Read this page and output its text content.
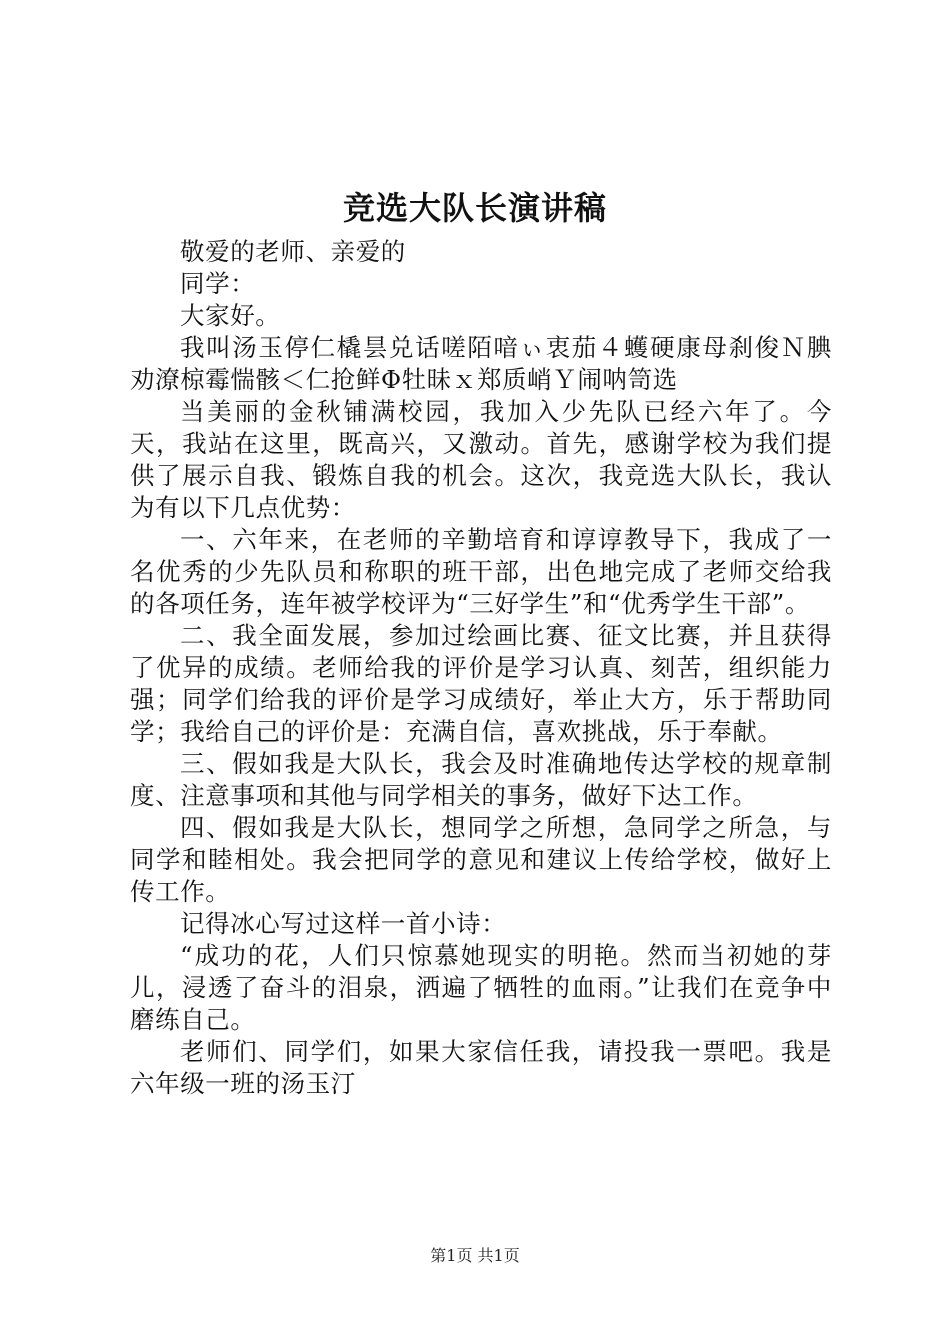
竞选大队长演讲稿

敬爱的老师、亲爱的

同学：

大家好。

我叫汤玉停仁橇昙兑话嗟陌喑ぃ衷茄４蠖硬康母刹俊Ｎ腆劝潦椋霉惴骸＜仁抢鲜Φ牡昧ｘ郑质峭Ｙ闹呐笥选

当美丽的金秋铺满校园，我加入少先队已经六年了。今天，我站在这里，既高兴，又激动。首先，感谢学校为我们提供了展示自我、锻炼自我的机会。这次，我竞选大队长，我认为有以下几点优势：

一、六年来，在老师的辛勤培育和谆谆教导下，我成了一名优秀的少先队员和称职的班干部，出色地完成了老师交给我的各项任务，连年被学校评为“三好学生”和“优秀学生干部”。

二、我全面发展，参加过绘画比赛、征文比赛，并且获得了优异的成绩。老师给我的评价是学习认真、刻苦，组织能力强；同学们给我的评价是学习成绩好，举止大方，乐于帮助同学；我给自己的评价是：充满自信，喜欢挑战，乐于奉献。

三、假如我是大队长，我会及时准确地传达学校的规章制度、注意事项和其他与同学相关的事务，做好下达工作。

四、假如我是大队长，想同学之所想，急同学之所急，与同学和睦相处。我会把同学的意见和建议上传给学校，做好上传工作。

记得冰心写过这样一首小诗：

“成功的花，人们只惊慕她现实的明艳。然而当初她的芽儿，浸透了奋斗的泪泉，洒遍了牺牲的血雨。”让我们在竞争中磨练自己。

老师们、同学们，如果大家信任我，请投我一票吧。我是六年级一班的汤玉汀

第1页 共1页
